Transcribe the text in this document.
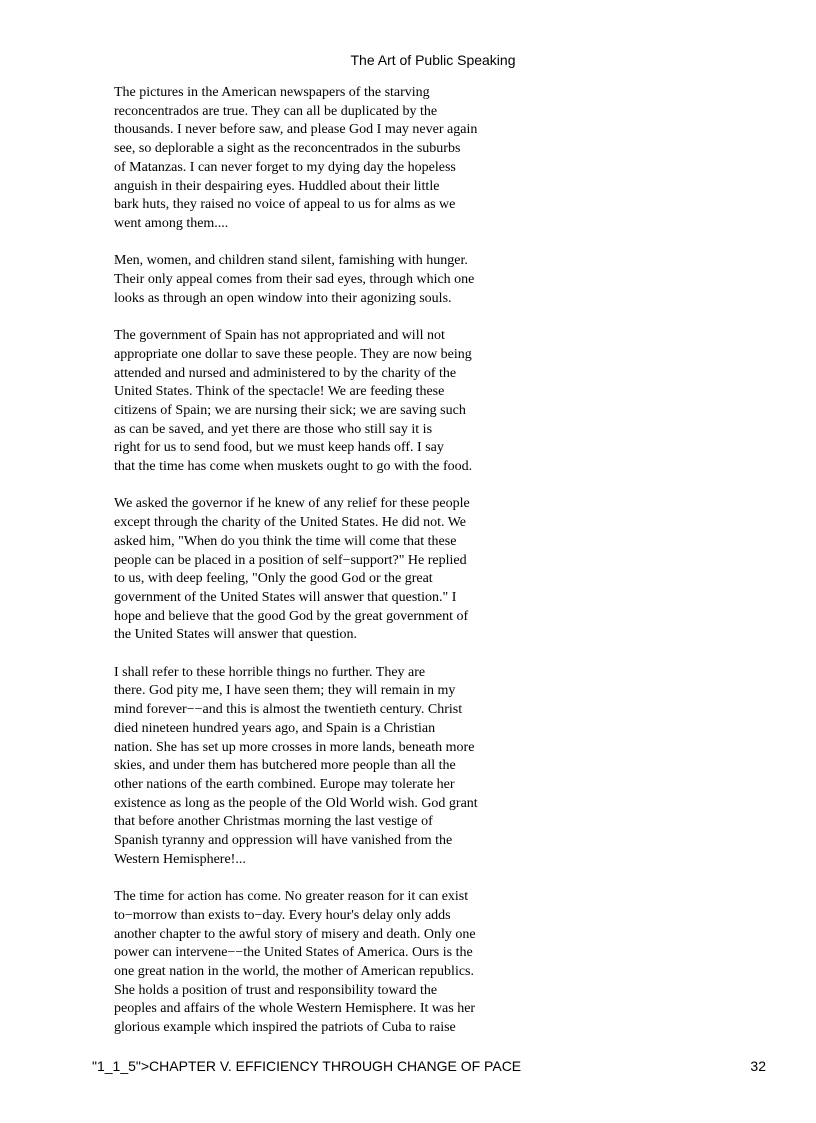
The Art of Public Speaking

The pictures in the American newspapers of the starving
reconcentrados are true. They can all be duplicated by the
thousands. I never before saw, and please God I may never again
see, so deplorable a sight as the reconcentrados in the suburbs
of Matanzas. I can never forget to my dying day the hopeless
anguish in their despairing eyes. Huddled about their little
bark huts, they raised no voice of appeal to us for alms as we
went among them....

Men, women, and children stand silent, famishing with hunger.
Their only appeal comes from their sad eyes, through which one
looks as through an open window into their agonizing souls.

The government of Spain has not appropriated and will not
appropriate one dollar to save these people. They are now being
attended and nursed and administered to by the charity of the
United States. Think of the spectacle! We are feeding these
citizens of Spain; we are nursing their sick; we are saving such
as can be saved, and yet there are those who still say it is
right for us to send food, but we must keep hands off. I say
that the time has come when muskets ought to go with the food.

We asked the governor if he knew of any relief for these people
except through the charity of the United States. He did not. We
asked him, "When do you think the time will come that these
people can be placed in a position of self−support?" He replied
to us, with deep feeling, "Only the good God or the great
government of the United States will answer that question." I
hope and believe that the good God by the great government of
the United States will answer that question.

I shall refer to these horrible things no further. They are
there. God pity me, I have seen them; they will remain in my
mind forever−−and this is almost the twentieth century. Christ
died nineteen hundred years ago, and Spain is a Christian
nation. She has set up more crosses in more lands, beneath more
skies, and under them has butchered more people than all the
other nations of the earth combined. Europe may tolerate her
existence as long as the people of the Old World wish. God grant
that before another Christmas morning the last vestige of
Spanish tyranny and oppression will have vanished from the
Western Hemisphere!...

The time for action has come. No greater reason for it can exist
to−morrow than exists to−day. Every hour's delay only adds
another chapter to the awful story of misery and death. Only one
power can intervene−−the United States of America. Ours is the
one great nation in the world, the mother of American republics.
She holds a position of trust and responsibility toward the
peoples and affairs of the whole Western Hemisphere. It was her
glorious example which inspired the patriots of Cuba to raise

"1_1_5">CHAPTER V. EFFICIENCY THROUGH CHANGE OF PACE	32
